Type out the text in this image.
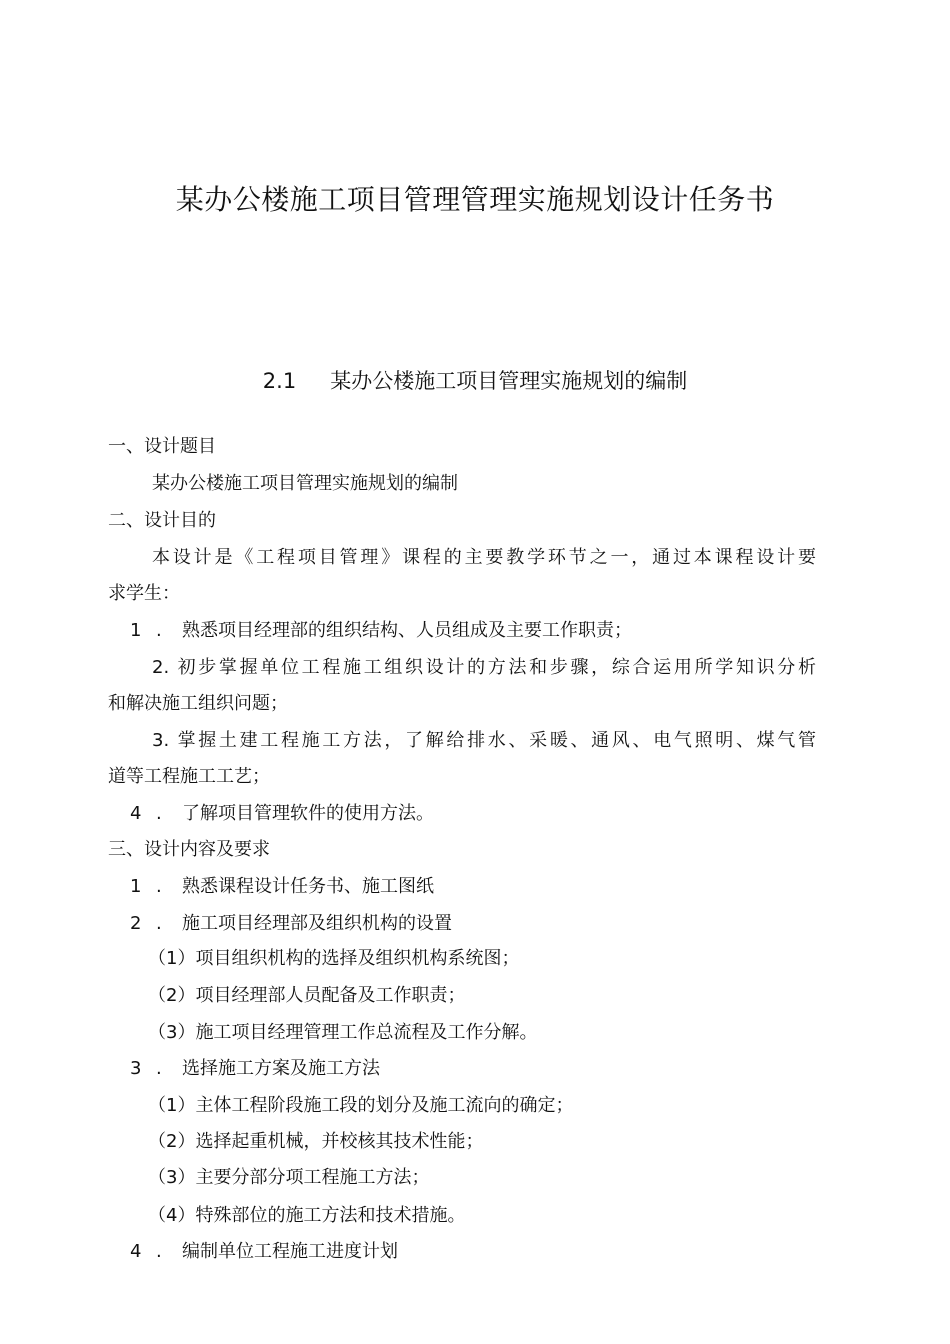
某办公楼施工项目管理管理实施规划设计任务书
2.1 某办公楼施工项目管理实施规划的编制
一、设计题目
某办公楼施工项目管理实施规划的编制
二、设计目的
本设计是《工程项目管理》课程的主要教学环节之一，通过本课程设计要
求学生：
1 . 熟悉项目经理部的组织结构、人员组成及主要工作职责；
2. 初步掌握单位工程施工组织设计的方法和步骤，综合运用所学知识分析
和解决施工组织问题；
3. 掌握土建工程施工方法，了解给排水、采暖、通风、电气照明、煤气管
道等工程施工工艺；
4 . 了解项目管理软件的使用方法。
三、设计内容及要求
1 . 熟悉课程设计任务书、施工图纸
2 . 施工项目经理部及组织机构的设置
（1）项目组织机构的选择及组织机构系统图；
（2）项目经理部人员配备及工作职责；
（3）施工项目经理管理工作总流程及工作分解。
3 . 选择施工方案及施工方法
（1）主体工程阶段施工段的划分及施工流向的确定；
（2）选择起重机械，并校核其技术性能；
（3）主要分部分项工程施工方法；
（4）特殊部位的施工方法和技术措施。
4 . 编制单位工程施工进度计划
